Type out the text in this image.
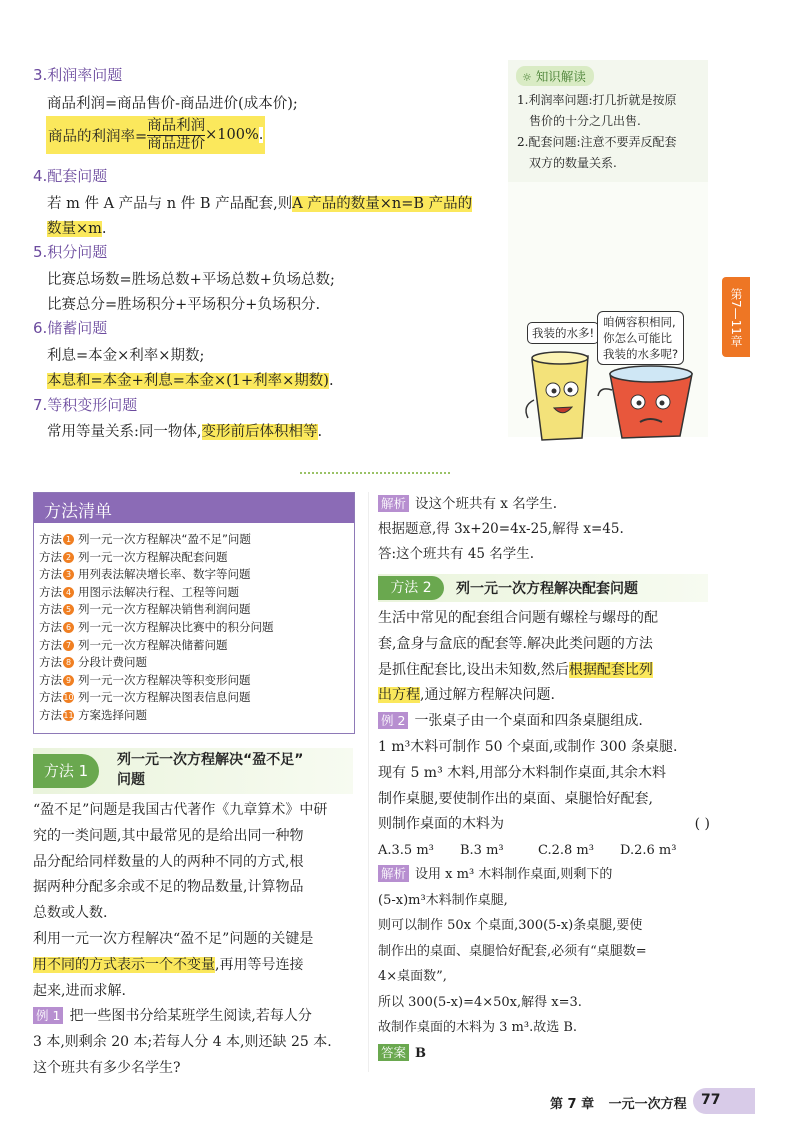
3.利润率问题
商品利润=商品售价-商品进价(成本价);
商品的利润率= $\frac{\text{商品利润}}{\text{商品进价}} \times 100\%$ .
4.配套问题
若 m 件 A 产品与 n 件 B 产品配套,则A 产品的数量×n=B 产品的
数量×m.
5.积分问题
比赛总场数=胜场总数+平场总数+负场总数;
比赛总分=胜场积分+平场积分+负场积分.
6.储蓄问题
利息=本金×利率×期数;
本息和=本金+利息=本金×(1+利率×期数).
7.等积变形问题
常用等量关系:同一物体,变形前后体积相等.
☼ 知识解读
1.利润率问题:打几折就是按原
售价的十分之几出售.
2.配套问题:注意不要弄反配套
双方的数量关系.
我装的水多!
咱俩容积相同,
你怎么可能比
我装的水多呢?
第7—11章
方法清单
方法 1 列一元一次方程解决“盈不足”问题
方法 2 列一元一次方程解决配套问题
方法 3 用列表法解决增长率、数字等问题
方法 4 用图示法解决行程、工程等问题
方法 5 列一元一次方程解决销售利润问题
方法 6 列一元一次方程解决比赛中的积分问题
方法 7 列一元一次方程解决储蓄问题
方法 8 分段计费问题
方法 9 列一元一次方程解决等积变形问题
方法10 列一元一次方程解决图表信息问题
方法11 方案选择问题
方法 1
列一元一次方程解决“盈不足”
问题
“盈不足”问题是我国古代著作《九章算术》中研
究的一类问题,其中最常见的是给出同一种物
品分配给同样数量的人的两种不同的方式,根
据两种分配多余或不足的物品数量,计算物品
总数或人数.
利用一元一次方程解决“盈不足”问题的关键是
用不同的方式表示一个不变量,再用等号连接
起来,进而求解.
例 1 把一些图书分给某班学生阅读,若每人分
3 本,则剩余 20 本;若每人分 4 本,则还缺 25 本.
这个班共有多少名学生?
解析 设这个班共有 x 名学生.
根据题意,得 3x+20=4x-25,解得 x=45.
答:这个班共有 45 名学生.
方法 2	列一元一次方程解决配套问题
生活中常见的配套组合问题有螺栓与螺母的配
套,盒身与盒底的配套等.解决此类问题的方法
是抓住配套比,设出未知数,然后根据配套比列
出方程,通过解方程解决问题.
例 2 一张桌子由一个桌面和四条桌腿组成.
1 m³木料可制作 50 个桌面,或制作 300 条桌腿.
现有 5 m³ 木料,用部分木料制作桌面,其余木料
制作桌腿,要使制作出的桌面、桌腿恰好配套,
则制作桌面的木料为	( )
A.3.5 m³	B.3 m³	C.2.8 m³	D.2.6 m³
解析 设用 x m³ 木料制作桌面,则剩下的
(5-x)m³木料制作桌腿,
则可以制作 50x 个桌面,300(5-x)条桌腿,要使
制作出的桌面、桌腿恰好配套,必须有“桌腿数=
4×桌面数”,
所以 300(5-x)=4×50x,解得 x=3.
故制作桌面的木料为 3 m³.故选 B.
答案 B
第 7 章 一元一次方程 77
